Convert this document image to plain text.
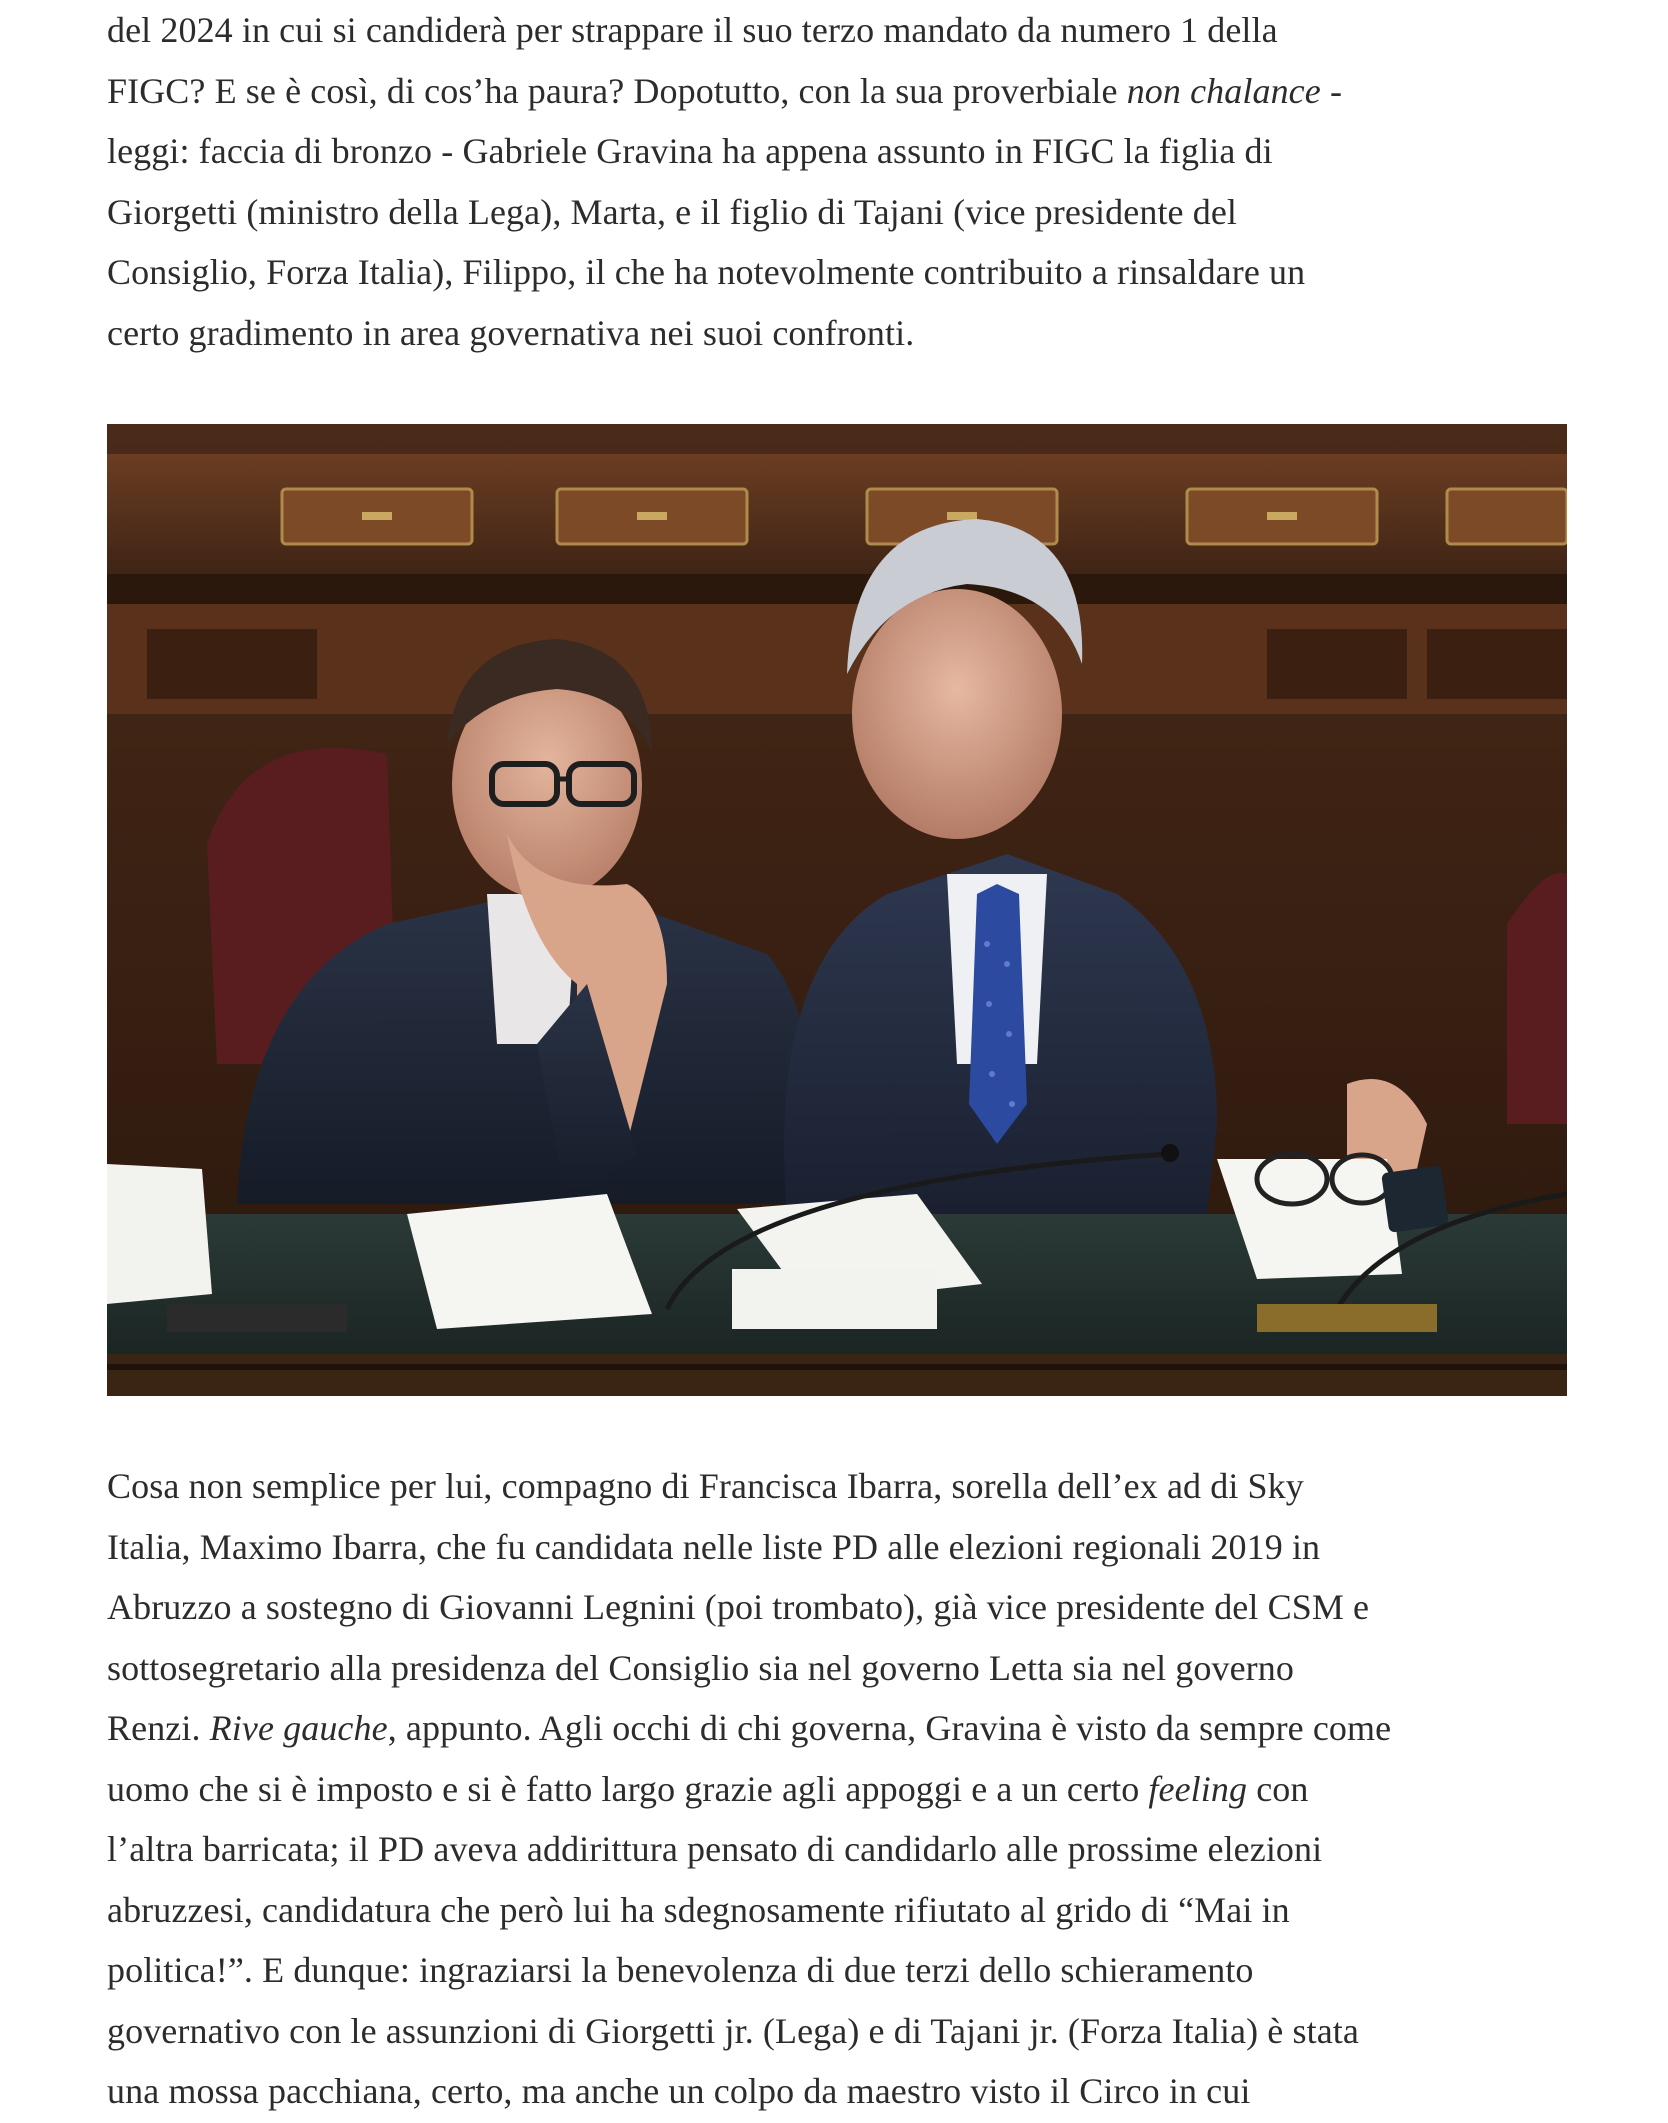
del 2024 in cui si candiderà per strappare il suo terzo mandato da numero 1 della
FIGC? E se è così, di cos’ha paura? Dopotutto, con la sua proverbiale non chalance -
leggi: faccia di bronzo - Gabriele Gravina ha appena assunto in FIGC la figlia di
Giorgetti (ministro della Lega), Marta, e il figlio di Tajani (vice presidente del
Consiglio, Forza Italia), Filippo, il che ha notevolmente contribuito a rinsaldare un
certo gradimento in area governativa nei suoi confronti.

Cosa non semplice per lui, compagno di Francisca Ibarra, sorella dell’ex ad di Sky
Italia, Maximo Ibarra, che fu candidata nelle liste PD alle elezioni regionali 2019 in
Abruzzo a sostegno di Giovanni Legnini (poi trombato), già vice presidente del CSM e
sottosegretario alla presidenza del Consiglio sia nel governo Letta sia nel governo
Renzi. Rive gauche, appunto. Agli occhi di chi governa, Gravina è visto da sempre come
uomo che si è imposto e si è fatto largo grazie agli appoggi e a un certo feeling con
l’altra barricata; il PD aveva addirittura pensato di candidarlo alle prossime elezioni
abruzzesi, candidatura che però lui ha sdegnosamente rifiutato al grido di “Mai in
politica!”. E dunque: ingraziarsi la benevolenza di due terzi dello schieramento
governativo con le assunzioni di Giorgetti jr. (Lega) e di Tajani jr. (Forza Italia) è stata
una mossa pacchiana, certo, ma anche un colpo da maestro visto il Circo in cui
